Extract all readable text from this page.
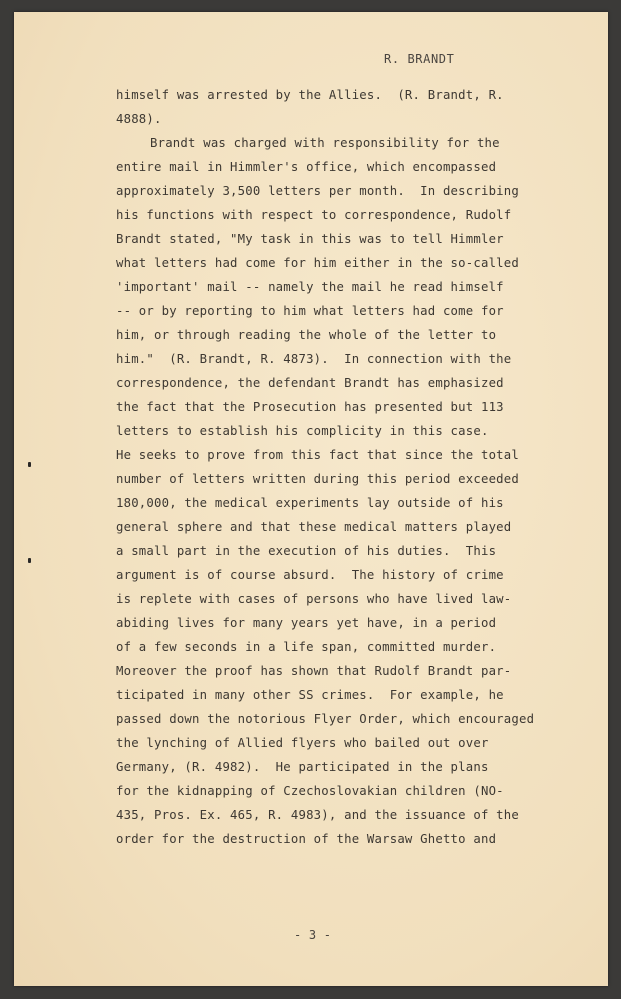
R. BRANDT
himself was arrested by the Allies.  (R. Brandt, R.
4888).
Brandt was charged with responsibility for the
entire mail in Himmler's office, which encompassed
approximately 3,500 letters per month.  In describing
his functions with respect to correspondence, Rudolf
Brandt stated, "My task in this was to tell Himmler
what letters had come for him either in the so-called
'important' mail -- namely the mail he read himself
-- or by reporting to him what letters had come for
him, or through reading the whole of the letter to
him."  (R. Brandt, R. 4873).  In connection with the
correspondence, the defendant Brandt has emphasized
the fact that the Prosecution has presented but 113
letters to establish his complicity in this case.
He seeks to prove from this fact that since the total
number of letters written during this period exceeded
180,000, the medical experiments lay outside of his
general sphere and that these medical matters played
a small part in the execution of his duties.  This
argument is of course absurd.  The history of crime
is replete with cases of persons who have lived law-
abiding lives for many years yet have, in a period
of a few seconds in a life span, committed murder.
Moreover the proof has shown that Rudolf Brandt par-
ticipated in many other SS crimes.  For example, he
passed down the notorious Flyer Order, which encouraged
the lynching of Allied flyers who bailed out over
Germany, (R. 4982).  He participated in the plans
for the kidnapping of Czechoslovakian children (NO-
435, Pros. Ex. 465, R. 4983), and the issuance of the
order for the destruction of the Warsaw Ghetto and
- 3 -
